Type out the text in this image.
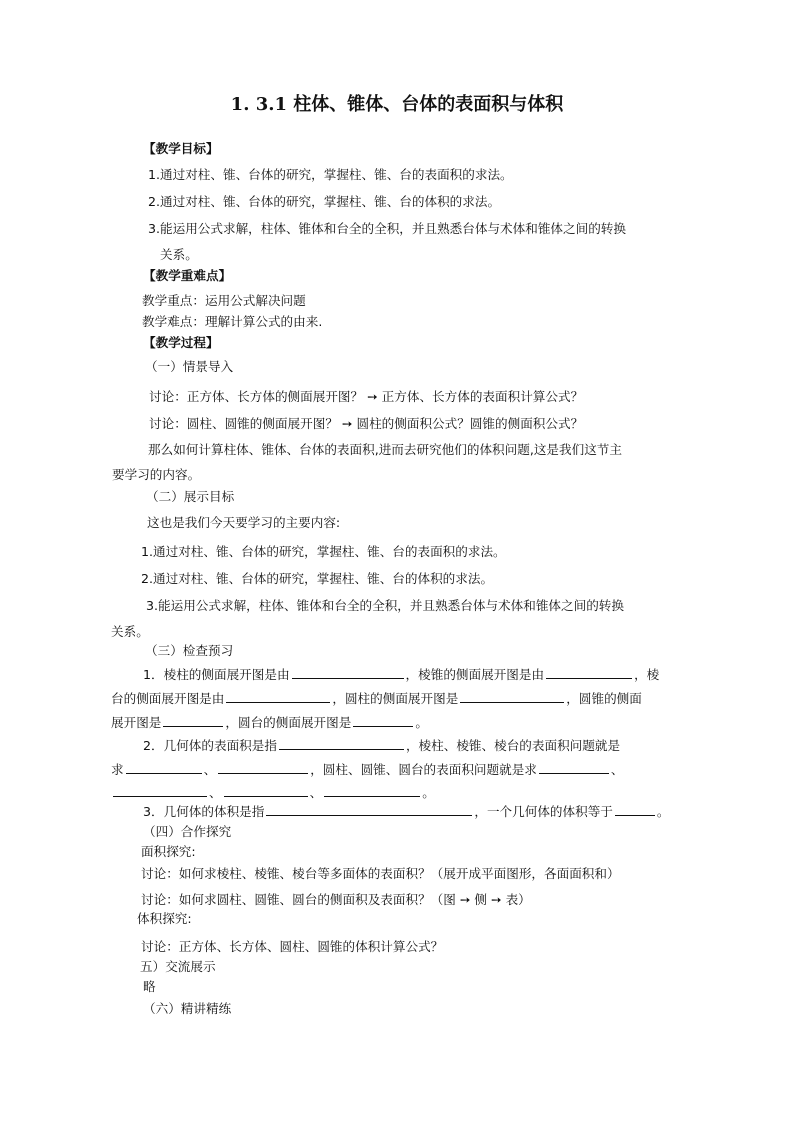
1. 3.1 柱体、锥体、台体的表面积与体积
【教学目标】
1.通过对柱、锥、台体的研究，掌握柱、锥、台的表面积的求法。
2.通过对柱、锥、台体的研究，掌握柱、锥、台的体积的求法。
3.能运用公式求解，柱体、锥体和台全的全积，并且熟悉台体与术体和锥体之间的转换
关系。
【教学重难点】
教学重点：运用公式解决问题
教学难点：理解计算公式的由来.
【教学过程】
（一）情景导入
讨论：正方体、长方体的侧面展开图？ ➙ 正方体、长方体的表面积计算公式？
讨论：圆柱、圆锥的侧面展开图？ ➙ 圆柱的侧面积公式？圆锥的侧面积公式？
那么如何计算柱体、锥体、台体的表面积,进而去研究他们的体积问题,这是我们这节主
要学习的内容。
（二）展示目标
这也是我们今天要学习的主要内容:
1.通过对柱、锥、台体的研究，掌握柱、锥、台的表面积的求法。
2.通过对柱、锥、台体的研究，掌握柱、锥、台的体积的求法。
3.能运用公式求解，柱体、锥体和台全的全积，并且熟悉台体与术体和锥体之间的转换
关系。
（三）检查预习
1．棱柱的侧面展开图是由	，棱锥的侧面展开图是由	，棱
台的侧面展开图是由	，圆柱的侧面展开图是	，圆锥的侧面
展开图是	，圆台的侧面展开图是	。
2．几何体的表面积是指	，棱柱、棱锥、棱台的表面积问题就是
求	、	，圆柱、圆锥、圆台的表面积问题就是求	、
、	、	。
3．几何体的体积是指	，一个几何体的体积等于	。
（四）合作探究
面积探究:
讨论：如何求棱柱、棱锥、棱台等多面体的表面积？（展开成平面图形，各面面积和）
讨论：如何求圆柱、圆锥、圆台的侧面积及表面积？（图 ➙ 侧 ➙ 表）
体积探究:
讨论：正方体、长方体、圆柱、圆锥的体积计算公式？
五）交流展示
略
（六）精讲精练
